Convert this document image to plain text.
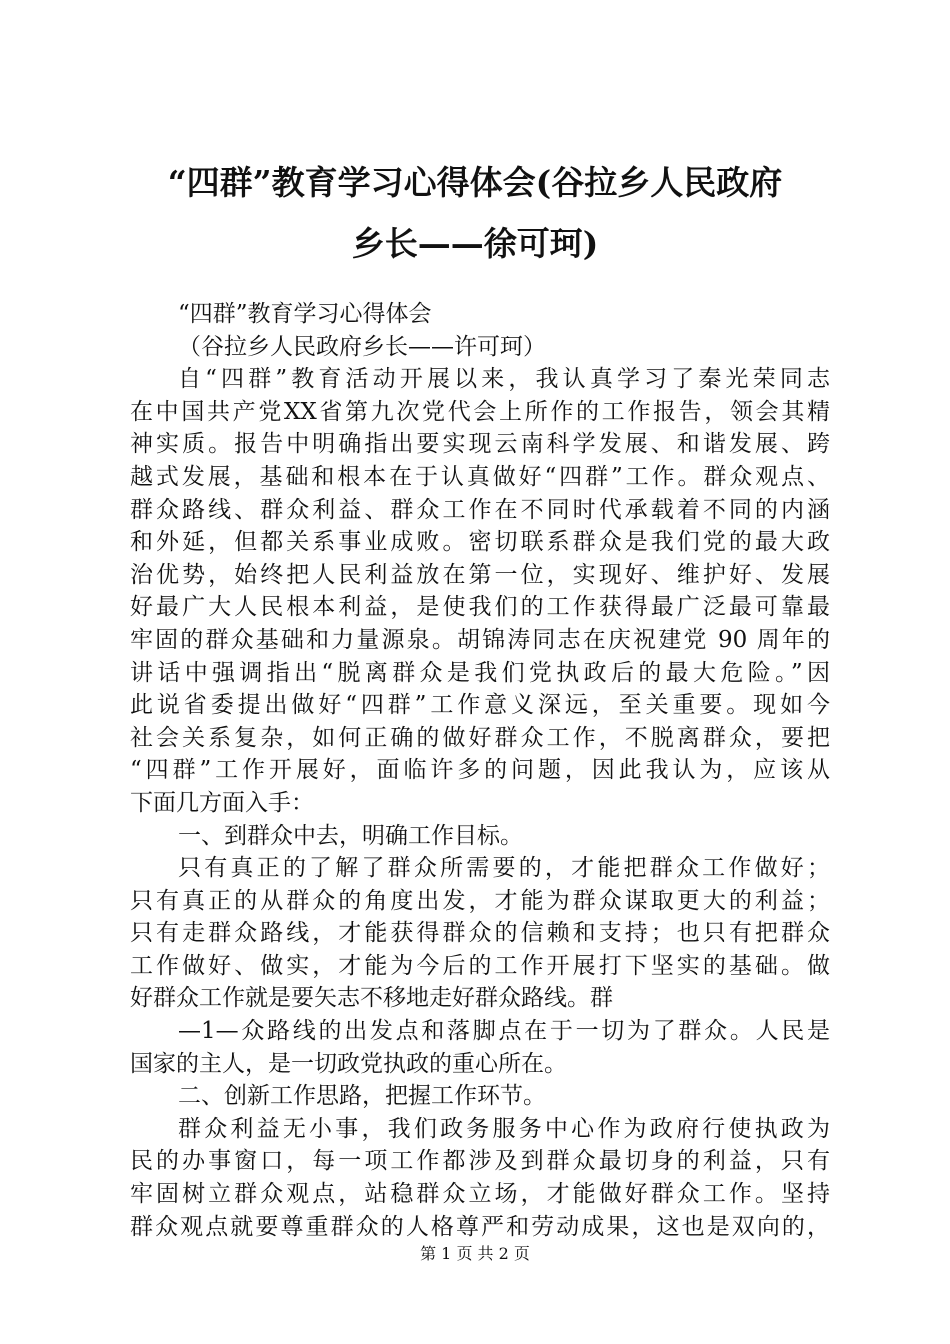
“四群”教育学习心得体会(谷拉乡人民政府
乡长——徐可珂)
“四群”教育学习心得体会
（谷拉乡人民政府乡长——许可珂）
自“四群”教育活动开展以来，我认真学习了秦光荣同志
在中国共产党XX省第九次党代会上所作的工作报告，领会其精
神实质。报告中明确指出要实现云南科学发展、和谐发展、跨
越式发展，基础和根本在于认真做好“四群”工作。群众观点、
群众路线、群众利益、群众工作在不同时代承载着不同的内涵
和外延，但都关系事业成败。密切联系群众是我们党的最大政
治优势，始终把人民利益放在第一位，实现好、维护好、发展
好最广大人民根本利益，是使我们的工作获得最广泛最可靠最
牢固的群众基础和力量源泉。胡锦涛同志在庆祝建党 90 周年的
讲话中强调指出“脱离群众是我们党执政后的最大危险。”因
此说省委提出做好“四群”工作意义深远，至关重要。现如今
社会关系复杂，如何正确的做好群众工作，不脱离群众，要把
“四群”工作开展好，面临许多的问题，因此我认为，应该从
下面几方面入手：
一、到群众中去，明确工作目标。
只有真正的了解了群众所需要的，才能把群众工作做好；
只有真正的从群众的角度出发，才能为群众谋取更大的利益；
只有走群众路线，才能获得群众的信赖和支持；也只有把群众
工作做好、做实，才能为今后的工作开展打下坚实的基础。做
好群众工作就是要矢志不移地走好群众路线。群
—1—众路线的出发点和落脚点在于一切为了群众。人民是
国家的主人，是一切政党执政的重心所在。
二、创新工作思路，把握工作环节。
群众利益无小事，我们政务服务中心作为政府行使执政为
民的办事窗口，每一项工作都涉及到群众最切身的利益，只有
牢固树立群众观点，站稳群众立场，才能做好群众工作。坚持
群众观点就要尊重群众的人格尊严和劳动成果，这也是双向的，
第 1 页 共 2 页
